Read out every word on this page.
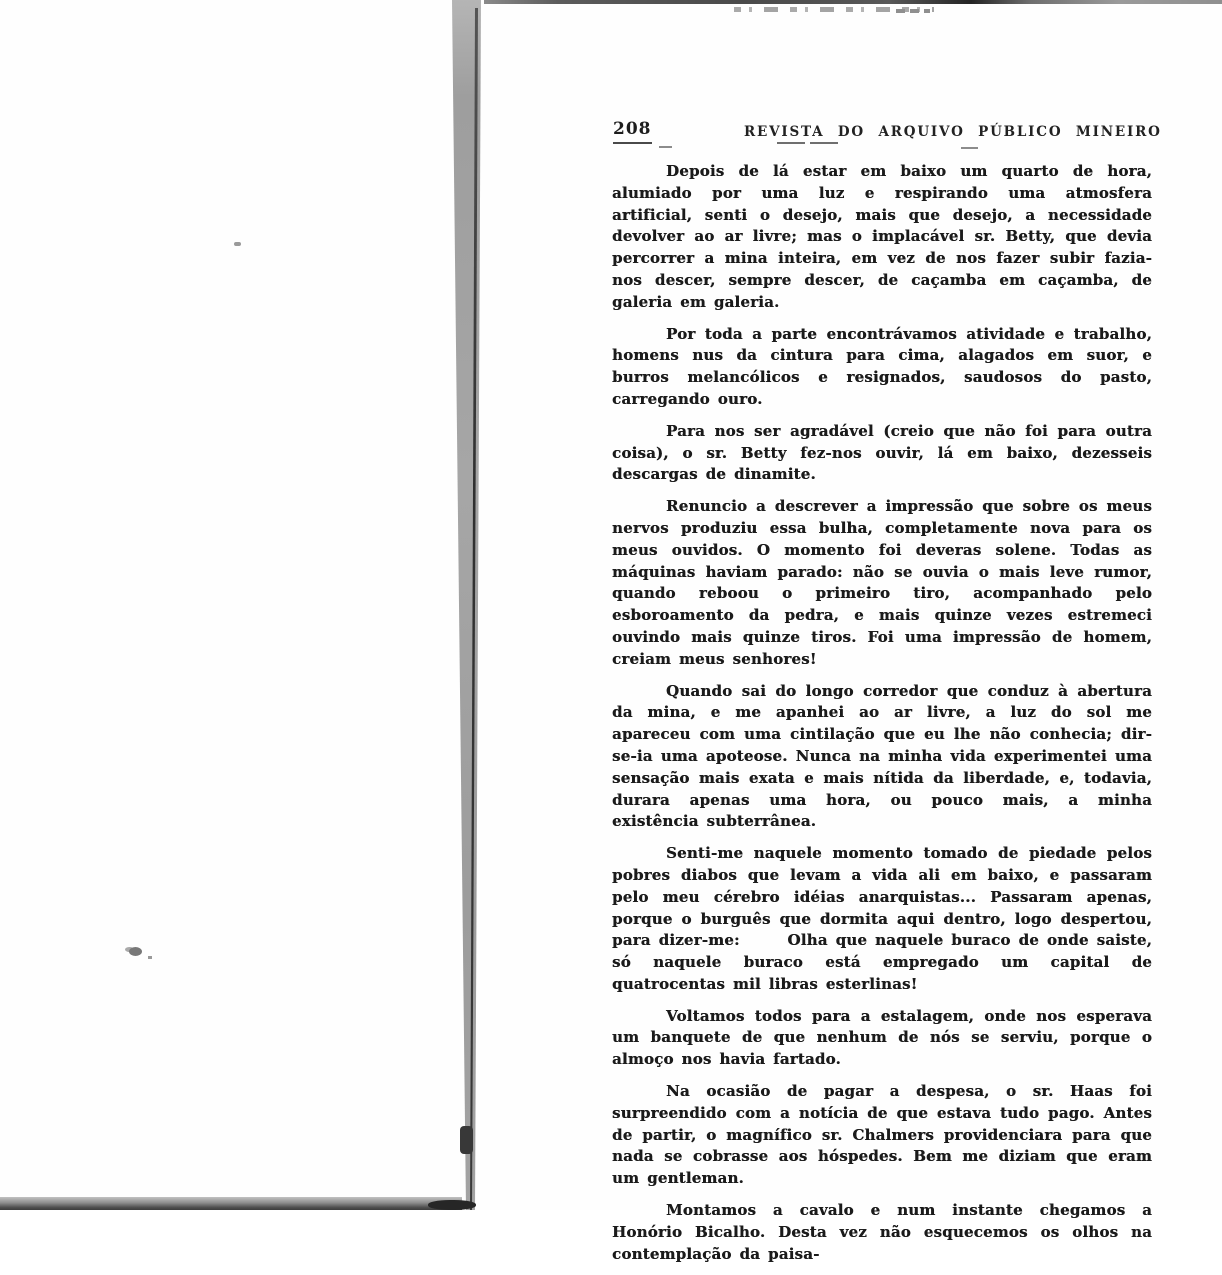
208	REVISTA DO ARQUIVO PÚBLICO MINEIRO

Depois de lá estar em baixo um quarto de hora, alumiado por uma luz e respirando uma atmosfera artificial, senti o desejo, mais que desejo, a necessidade devolver ao ar livre; mas o implacável sr. Betty, que devia percorrer a mina inteira, em vez de nos fazer subir fazia-nos descer, sempre descer, de caçamba em caçamba, de galeria em galeria.

Por toda a parte encontrávamos atividade e trabalho, homens nus da cintura para cima, alagados em suor, e burros melancólicos e resignados, saudosos do pasto, carregando ouro.

Para nos ser agradável (creio que não foi para outra coisa), o sr. Betty fez-nos ouvir, lá em baixo, dezesseis descargas de dinamite.

Renuncio a descrever a impressão que sobre os meus nervos produziu essa bulha, completamente nova para os meus ouvidos. O momento foi deveras solene. Todas as máquinas haviam parado: não se ouvia o mais leve rumor, quando reboou o primeiro tiro, acompanhado pelo esboroamento da pedra, e mais quinze vezes estremeci ouvindo mais quinze tiros. Foi uma impressão de homem, creiam meus senhores!

Quando sai do longo corredor que conduz à abertura da mina, e me apanhei ao ar livre, a luz do sol me apareceu com uma cintilação que eu lhe não conhecia; dir-se-ia uma apoteose. Nunca na minha vida experimentei uma sensação mais exata e mais nítida da liberdade, e, todavia, durara apenas uma hora, ou pouco mais, a minha existência subterrânea.

Senti-me naquele momento tomado de piedade pelos pobres diabos que levam a vida ali em baixo, e passaram pelo meu cérebro idéias anarquistas... Passaram apenas, porque o burguês que dormita aqui dentro, logo despertou, para dizer-me:      Olha que naquele buraco de onde saiste, só naquele buraco está empregado um capital de quatrocentas mil libras esterlinas!

Voltamos todos para a estalagem, onde nos esperava um banquete de que nenhum de nós se serviu, porque o almoço nos havia fartado.

Na ocasião de pagar a despesa, o sr. Haas foi surpreendido com a notícia de que estava tudo pago. Antes de partir, o magnífico sr. Chalmers providenciara para que nada se cobrasse aos hóspedes. Bem me diziam que eram um gentleman.

Montamos a cavalo e num instante chegamos a Honório Bicalho. Desta vez não esquecemos os olhos na contemplação da paisa-
